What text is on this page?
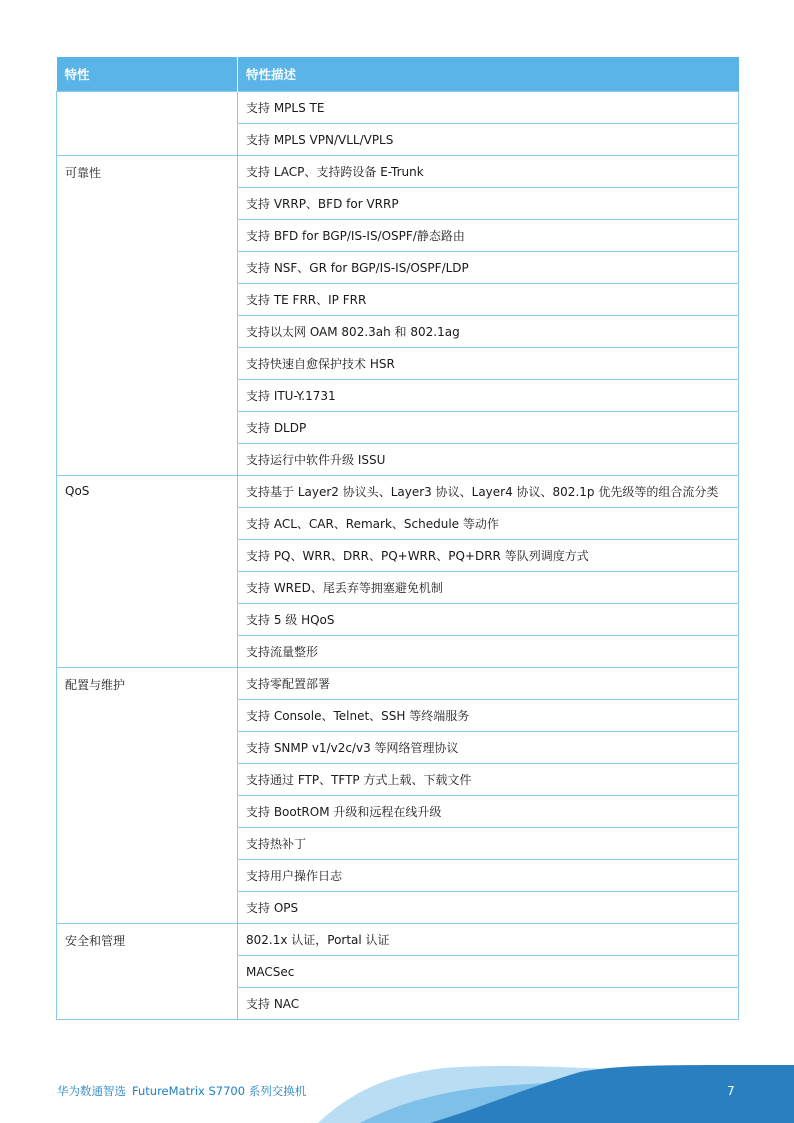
特性	特性描述
	支持 MPLS TE
	支持 MPLS VPN/VLL/VPLS
可靠性	支持 LACP、支持跨设备 E-Trunk
	支持 VRRP、BFD for VRRP
	支持 BFD for BGP/IS-IS/OSPF/静态路由
	支持 NSF、GR for BGP/IS-IS/OSPF/LDP
	支持 TE FRR、IP FRR
	支持以太网 OAM 802.3ah 和 802.1ag
	支持快速自愈保护技术 HSR
	支持 ITU-Y.1731
	支持 DLDP
	支持运行中软件升级 ISSU
QoS	支持基于 Layer2 协议头、Layer3 协议、Layer4 协议、802.1p 优先级等的组合流分类
	支持 ACL、CAR、Remark、Schedule 等动作
	支持 PQ、WRR、DRR、PQ+WRR、PQ+DRR 等队列调度方式
	支持 WRED、尾丢弃等拥塞避免机制
	支持 5 级 HQoS
	支持流量整形
配置与维护	支持零配置部署
	支持 Console、Telnet、SSH 等终端服务
	支持 SNMP v1/v2c/v3 等网络管理协议
	支持通过 FTP、TFTP 方式上载、下载文件
	支持 BootROM 升级和远程在线升级
	支持热补丁
	支持用户操作日志
	支持 OPS
安全和管理	802.1x 认证，Portal 认证
	MACSec
	支持 NAC
华为数通智选 FutureMatrix S7700 系列交换机	7
